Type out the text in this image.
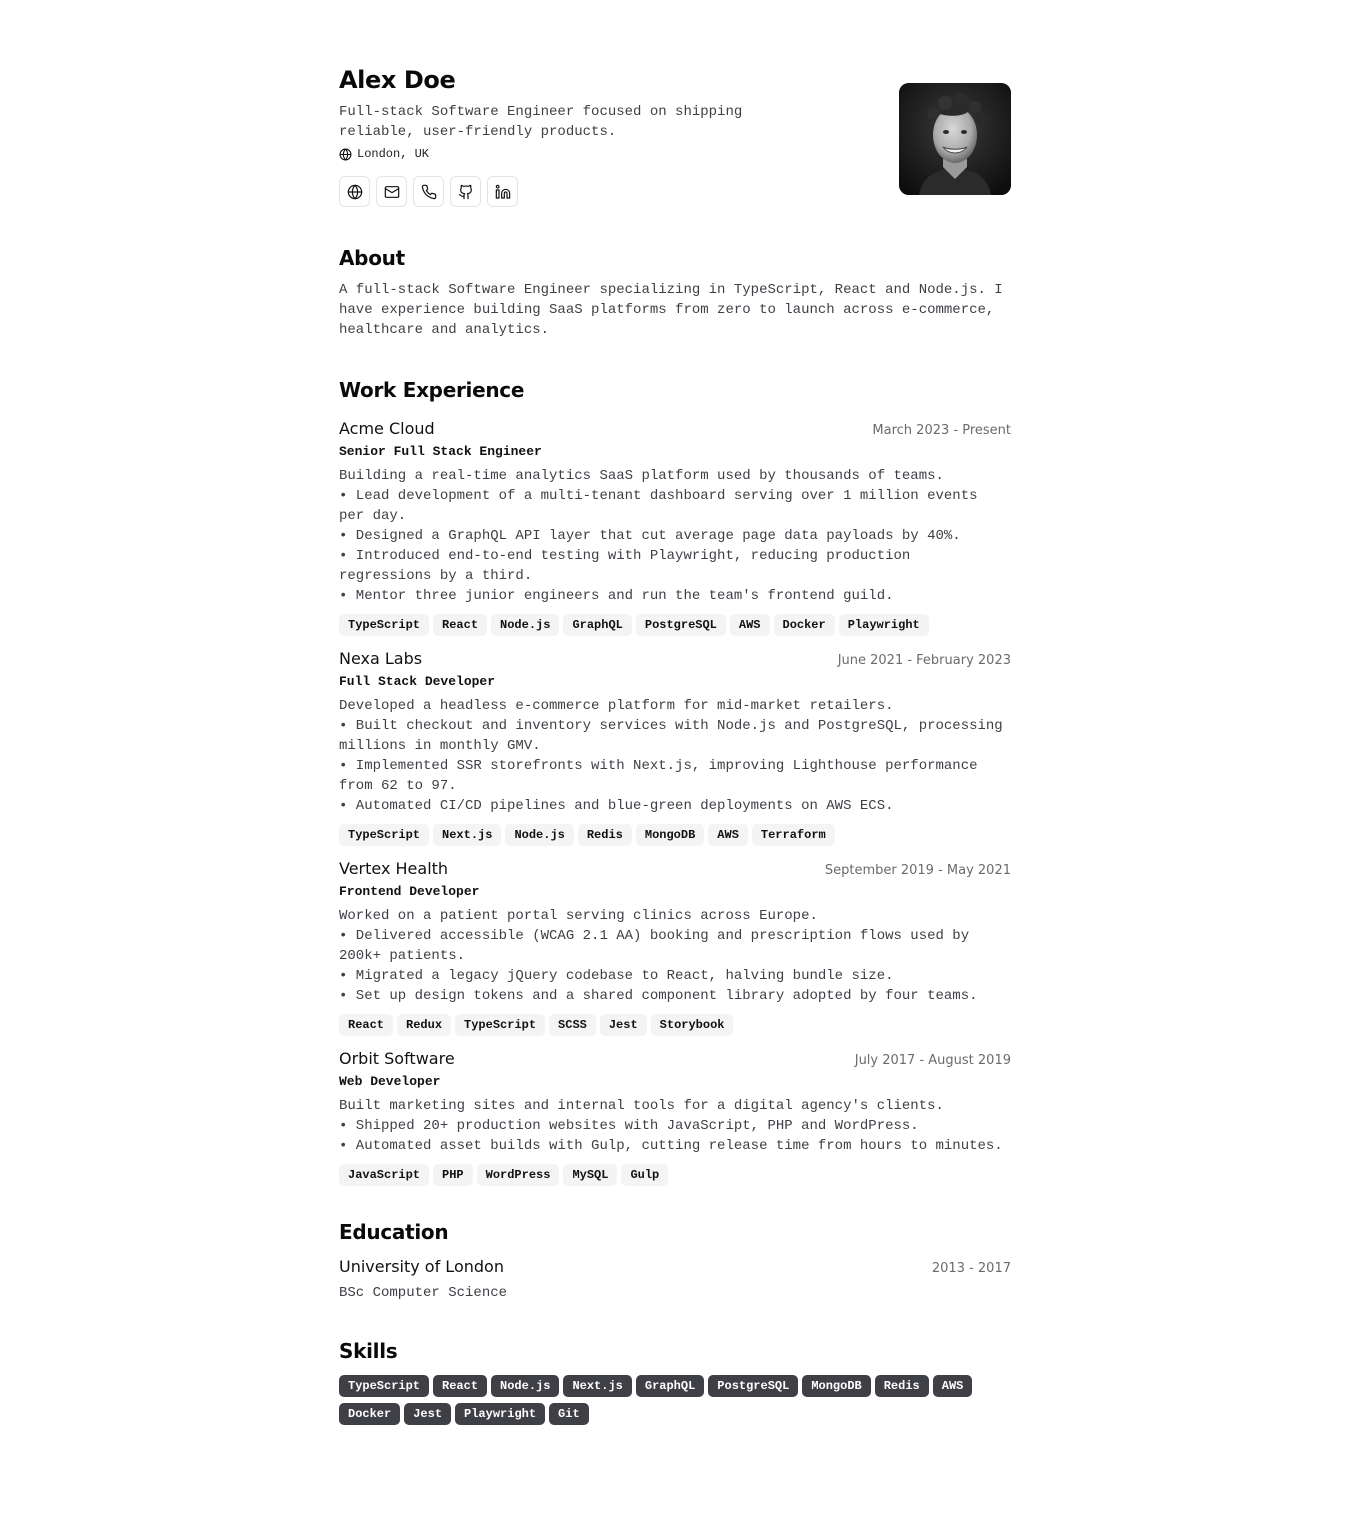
Alex Doe

Full-stack Software Engineer focused on shipping reliable, user-friendly products.

London, UK
About

A full-stack Software Engineer specializing in TypeScript, React and Node.js. I have experience building SaaS platforms from zero to launch across e-commerce, healthcare and analytics.

Work Experience
Acme Cloud	March 2023 - Present
Senior Full Stack Engineer
Building a real-time analytics SaaS platform used by thousands of teams.
• Lead development of a multi-tenant dashboard serving over 1 million events per day.
• Designed a GraphQL API layer that cut average page data payloads by 40%.
• Introduced end-to-end testing with Playwright, reducing production regressions by a third.
• Mentor three junior engineers and run the team's frontend guild.
TypeScript	React	Node.js	GraphQL	PostgreSQL	AWS	Docker	Playwright
Nexa Labs	June 2021 - February 2023
Full Stack Developer
Developed a headless e-commerce platform for mid-market retailers.
• Built checkout and inventory services with Node.js and PostgreSQL, processing millions in monthly GMV.
• Implemented SSR storefronts with Next.js, improving Lighthouse performance from 62 to 97.
• Automated CI/CD pipelines and blue-green deployments on AWS ECS.
TypeScript	Next.js	Node.js	Redis	MongoDB	AWS	Terraform
Vertex Health	September 2019 - May 2021
Frontend Developer
Worked on a patient portal serving clinics across Europe.
• Delivered accessible (WCAG 2.1 AA) booking and prescription flows used by 200k+ patients.
• Migrated a legacy jQuery codebase to React, halving bundle size.
• Set up design tokens and a shared component library adopted by four teams.
React	Redux	TypeScript	SCSS	Jest	Storybook
Orbit Software	July 2017 - August 2019
Web Developer
Built marketing sites and internal tools for a digital agency's clients.
• Shipped 20+ production websites with JavaScript, PHP and WordPress.
• Automated asset builds with Gulp, cutting release time from hours to minutes.
JavaScript	PHP	WordPress	MySQL	Gulp
Education
University of London	2013 - 2017
BSc Computer Science
Skills
TypeScript	React	Node.js	Next.js	GraphQL	PostgreSQL	MongoDB	Redis	AWS
Docker	Jest	Playwright	Git
